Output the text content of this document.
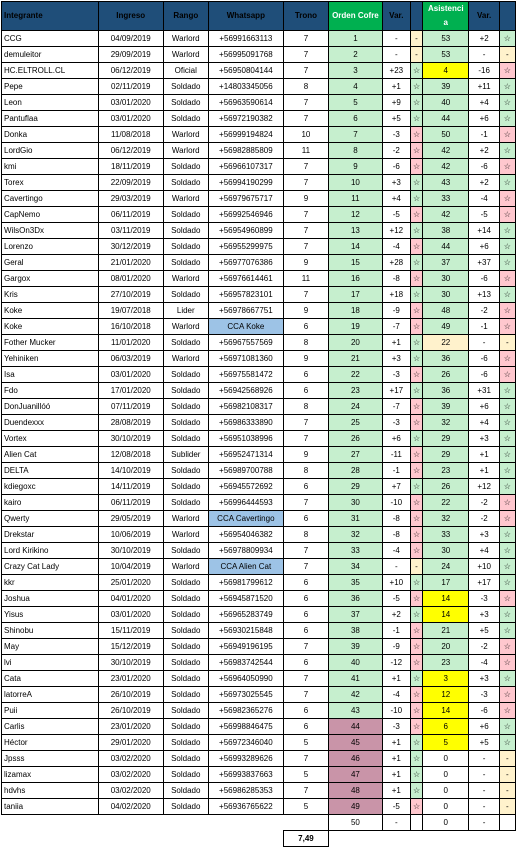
Integrante	Ingreso	Rango	Whatsapp	Trono	Orden Cofre	Var.		Asistenci a	Var.	
CCG	04/09/2019	Warlord	+56991663113	7	1	-	-	53	+2	☆
demuleitor	29/09/2019	Warlord	+56995091768	7	2	-	-	53	-	-
HC.ELTROLL.CL	06/12/2019	Oficial	+56950804144	7	3	+23	☆	4	-16	☆
Pepe	02/11/2019	Soldado	+14803345056	8	4	+1	☆	39	+11	☆
Leon	03/01/2020	Soldado	+56963590614	7	5	+9	☆	40	+4	☆
Pantuflaa	03/01/2020	Soldado	+56972190382	7	6	+5	☆	44	+6	☆
Donka	11/08/2018	Warlord	+56999194824	10	7	-3	☆	50	-1	☆
LordGio	06/12/2019	Warlord	+56982885809	11	8	-2	☆	42	+2	☆
kmi	18/11/2019	Soldado	+56966107317	7	9	-6	☆	42	-6	☆
Torex	22/09/2019	Soldado	+56994190299	7	10	+3	☆	43	+2	☆
Cavertingo	29/03/2019	Warlord	+56979675717	9	11	+4	☆	33	-4	☆
CapNemo	06/11/2019	Soldado	+56992546946	7	12	-5	☆	42	-5	☆
WilsOn3Dx	03/11/2019	Soldado	+56954960899	7	13	+12	☆	38	+14	☆
Lorenzo	30/12/2019	Soldado	+56955299975	7	14	-4	☆	44	+6	☆
Geral	21/01/2020	Soldado	+56977076386	9	15	+28	☆	37	+37	☆
Gargox	08/01/2020	Warlord	+56976614461	11	16	-8	☆	30	-6	☆
Kris	27/10/2019	Soldado	+56957823101	7	17	+18	☆	30	+13	☆
Koke	19/07/2018	Lider	+56978667751	9	18	-9	☆	48	-2	☆
Koke	16/10/2018	Warlord	CCA Koke	6	19	-7	☆	49	-1	☆
Fother Mucker	11/01/2020	Soldado	+56967557569	8	20	+1	☆	22	-	-
Yehiniken	06/03/2019	Warlord	+56971081360	9	21	+3	☆	36	-6	☆
Isa	03/01/2020	Soldado	+56975581472	6	22	-3	☆	26	-6	☆
Fdo	17/01/2020	Soldado	+56942568926	6	23	+17	☆	36	+31	☆
DonJuanillóó	07/11/2019	Soldado	+56982108317	8	24	-7	☆	39	+6	☆
Duendexxx	28/08/2019	Soldado	+56986333890	7	25	-3	☆	32	+4	☆
Vortex	30/10/2019	Soldado	+56951038996	7	26	+6	☆	29	+3	☆
Alien Cat	12/08/2018	Sublider	+56952471314	9	27	-11	☆	29	+1	☆
DELTA	14/10/2019	Soldado	+56989700788	8	28	-1	☆	23	+1	☆
kdiegoxc	14/11/2019	Soldado	+56945572692	6	29	+7	☆	26	+12	☆
kairo	06/11/2019	Soldado	+56996444593	7	30	-10	☆	22	-2	☆
Qwerty	29/05/2019	Warlord	CCA Cavertingo	6	31	-8	☆	32	-2	☆
Drekstar	10/06/2019	Warlord	+56954046382	8	32	-8	☆	33	+3	☆
Lord Kirikino	30/10/2019	Soldado	+56978809934	7	33	-4	☆	30	+4	☆
Crazy Cat Lady	10/04/2019	Warlord	CCA Alien Cat	7	34	-	-	24	+10	☆
kkr	25/01/2020	Soldado	+56981799612	6	35	+10	☆	17	+17	☆
Joshua	04/01/2020	Soldado	+56945871520	6	36	-5	☆	14	-3	☆
Yisus	03/01/2020	Soldado	+56965283749	6	37	+2	☆	14	+3	☆
Shinobu	15/11/2019	Soldado	+56930215848	6	38	-1	☆	21	+5	☆
May	15/12/2019	Soldado	+56949196195	7	39	-9	☆	20	-2	☆
lvi	30/10/2019	Soldado	+56983742544	6	40	-12	☆	23	-4	☆
Cata	23/01/2020	Soldado	+56964050990	7	41	+1	☆	3	+3	☆
latorreA	26/10/2019	Soldado	+56973025545	7	42	-4	☆	12	-3	☆
Puii	26/10/2019	Soldado	+56982365276	6	43	-10	☆	14	-6	☆
Carlis	23/01/2020	Soldado	+56998846475	6	44	-3	☆	6	+6	☆
Héctor	29/01/2020	Soldado	+56972346040	5	45	+1	☆	5	+5	☆
Jpsss	03/02/2020	Soldado	+56993289626	7	46	+1	☆	0	-	-
lizamax	03/02/2020	Soldado	+56993837663	5	47	+1	☆	0	-	-
hdvhs	03/02/2020	Soldado	+56986285353	7	48	+1	☆	0	-	-
taniia	04/02/2020	Soldado	+56936765622	5	49	-5	☆	0	-	-
					50	-		0	-	
				7,49						
